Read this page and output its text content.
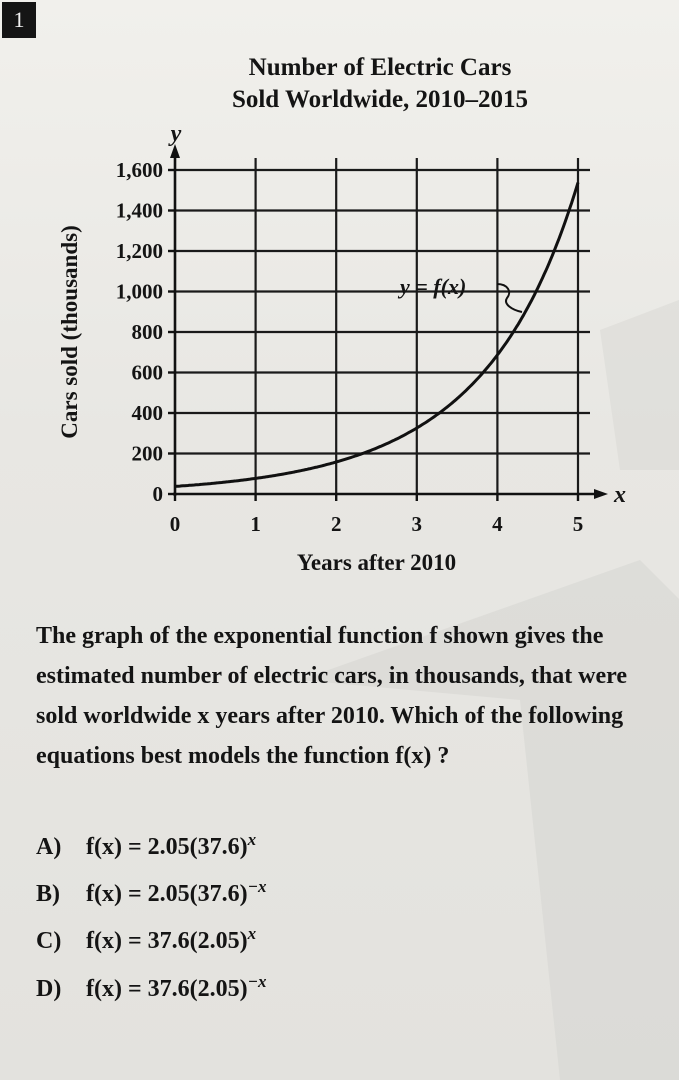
1
Number of Electric Cars
Sold Worldwide, 2010–2015
0
200
400
600
800
1,000
1,200
1,400
1,600
0	1	2	3	4	5
y
x
Years after 2010
Cars sold (thousands)	y = f(x)
The graph of the exponential function f shown gives the estimated number of electric cars, in thousands, that were sold worldwide x years after 2010. Which of the following equations best models the function f(x) ?
A) $f(x) = 2.05(37.6)^x$
B) $f(x) = 2.05(37.6)^{-x}$
C) $f(x) = 37.6(2.05)^x$
D) $f(x) = 37.6(2.05)^{-x}$
